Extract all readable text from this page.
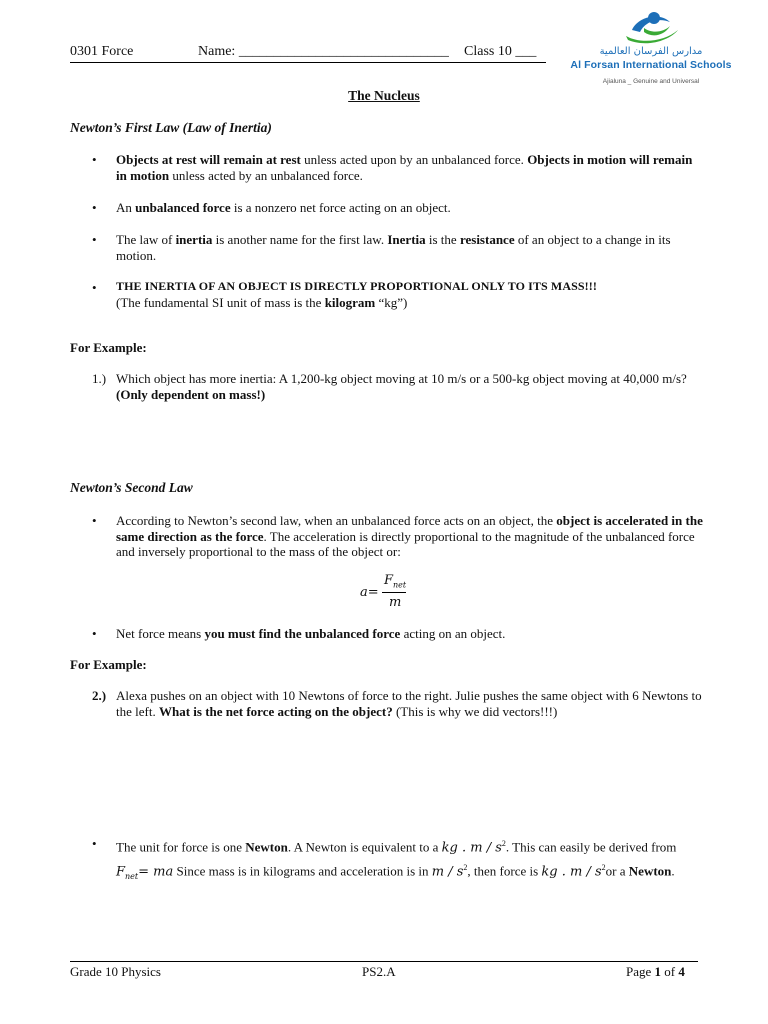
0301 Force	Name: ______________________________ Class 10 ___	مدارس الفرسان العالمية
Al Forsan International Schools
Ajialuna _ Genuine and Universal
The Nucleus
Newton’s First Law (Law of Inertia)
• Objects at rest will remain at rest unless acted upon by an unbalanced force. Objects in motion will remain in motion unless acted by an unbalanced force.
• An unbalanced force is a nonzero net force acting on an object.
• The law of inertia is another name for the first law. Inertia is the resistance of an object to a change in its motion.
• THE INERTIA OF AN OBJECT IS DIRECTLY PROPORTIONAL ONLY TO ITS MASS!!!
(The fundamental SI unit of mass is the kilogram “kg”)
For Example:
1.) Which object has more inertia: A 1,200-kg object moving at 10 m/s or a 500-kg object moving at 40,000 m/s? (Only dependent on mass!)
Newton’s Second Law
• According to Newton’s second law, when an unbalanced force acts on an object, the object is accelerated in the same direction as the force. The acceleration is directly proportional to the magnitude of the unbalanced force and inversely proportional to the mass of the object or:
a=
$F_{net}$
m
• Net force means you must find the unbalanced force acting on an object.
For Example:
2.) Alexa pushes on an object with 10 Newtons of force to the right. Julie pushes the same object with 6 Newtons to the left. What is the net force acting on the object? (This is why we did vectors!!!)
• The unit for force is one Newton. A Newton is equivalent to a kg . m / $s^2$. This can easily be derived from $F_{net}=$ ma Since mass is in kilograms and acceleration is in m / $s^2$, then force is kg . m / $s^2or$ a Newton.
Grade 10 Physics	PS2.A	Page 1 of 4
